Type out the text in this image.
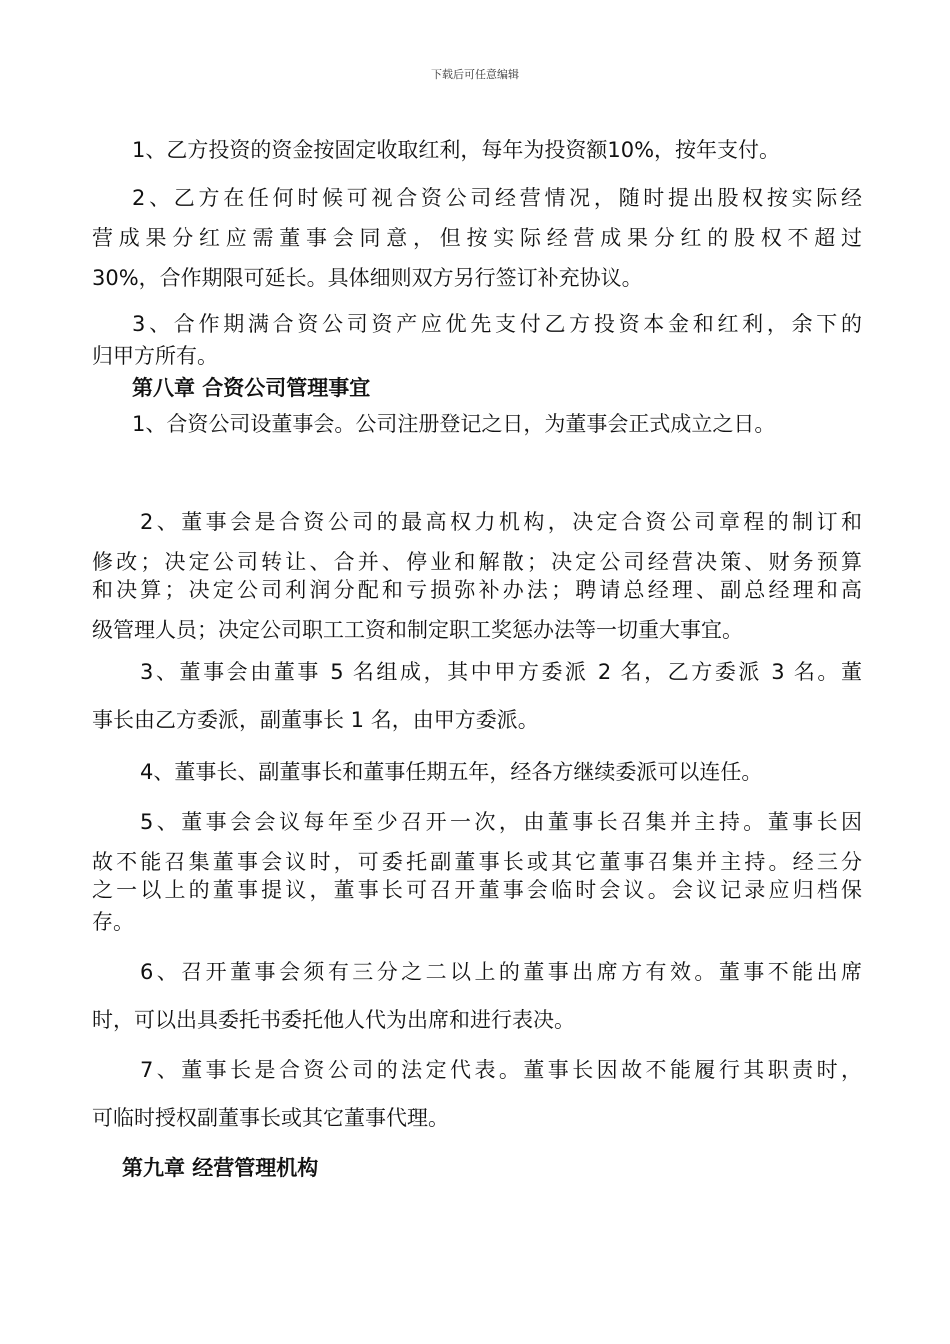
下载后可任意编辑
1、乙方投资的资金按固定收取红利，每年为投资额10%，按年支付。
2、乙方在任何时候可视合资公司经营情况，随时提出股权按实际经
营成果分红应需董事会同意，但按实际经营成果分红的股权不超过
30%，合作期限可延长。具体细则双方另行签订补充协议。
3、合作期满合资公司资产应优先支付乙方投资本金和红利，余下的
归甲方所有。
第八章 合资公司管理事宜
1、合资公司设董事会。公司注册登记之日，为董事会正式成立之日。
2、董事会是合资公司的最高权力机构，决定合资公司章程的制订和
修改；决定公司转让、合并、停业和解散；决定公司经营决策、财务预算
和决算；决定公司利润分配和亏损弥补办法；聘请总经理、副总经理和高
级管理人员；决定公司职工工资和制定职工奖惩办法等一切重大事宜。
3、董事会由董事 5 名组成，其中甲方委派 2 名，乙方委派 3 名。董
事长由乙方委派，副董事长 1 名，由甲方委派。
4、董事长、副董事长和董事任期五年，经各方继续委派可以连任。
5、董事会会议每年至少召开一次，由董事长召集并主持。董事长因
故不能召集董事会议时，可委托副董事长或其它董事召集并主持。经三分
之一以上的董事提议，董事长可召开董事会临时会议。会议记录应归档保
存。
6、召开董事会须有三分之二以上的董事出席方有效。董事不能出席
时，可以出具委托书委托他人代为出席和进行表决。
7、董事长是合资公司的法定代表。董事长因故不能履行其职责时，
可临时授权副董事长或其它董事代理。
第九章 经营管理机构
